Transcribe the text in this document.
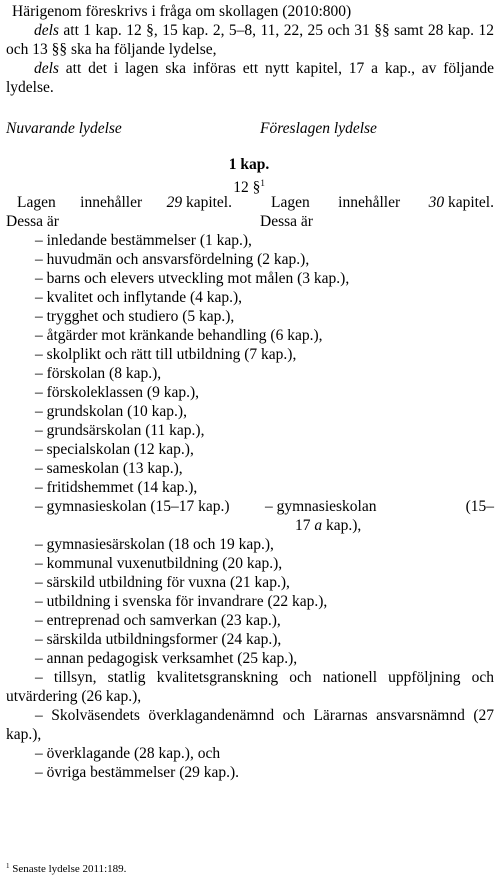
Härigenom föreskrivs i fråga om skollagen (2010:800)

dels att 1 kap. 12 §, 15 kap. 2, 5–8, 11, 22, 25 och 31 §§ samt 28 kap. 12 och 13 §§ ska ha följande lydelse,

dels att det i lagen ska införas ett nytt kapitel, 17 a kap., av följande lydelse.

Nuvarande lydelse	Föreslagen lydelse
1 kap.
12 §$^1$
Lagen innehåller 29 kapitel.
Dessa är
Lagen innehåller 30 kapitel.
Dessa är
– inledande bestämmelser (1 kap.),
– huvudmän och ansvarsfördelning (2 kap.),
– barns och elevers utveckling mot målen (3 kap.),
– kvalitet och inflytande (4 kap.),
– trygghet och studiero (5 kap.),
– åtgärder mot kränkande behandling (6 kap.),
– skolplikt och rätt till utbildning (7 kap.),
– förskolan (8 kap.),
– förskoleklassen (9 kap.),
– grundskolan (10 kap.),
– grundsärskolan (11 kap.),
– specialskolan (12 kap.),
– sameskolan (13 kap.),
– fritidshemmet (14 kap.),
– gymnasieskolan (15–17 kap.) – gymnasieskolan	(15–
17 a kap.),
– gymnasiesärskolan (18 och 19 kap.),
– kommunal vuxenutbildning (20 kap.),
– särskild utbildning för vuxna (21 kap.),
– utbildning i svenska för invandrare (22 kap.),
– entreprenad och samverkan (23 kap.),
– särskilda utbildningsformer (24 kap.),
– annan pedagogisk verksamhet (25 kap.),

– tillsyn, statlig kvalitetsgranskning och nationell uppföljning och utvärdering (26 kap.),

– Skolväsendets överklagandenämnd och Lärarnas ansvarsnämnd (27 kap.),

– överklagande (28 kap.), och
– övriga bestämmelser (29 kap.).
$^1$ Senaste lydelse 2011:189.
